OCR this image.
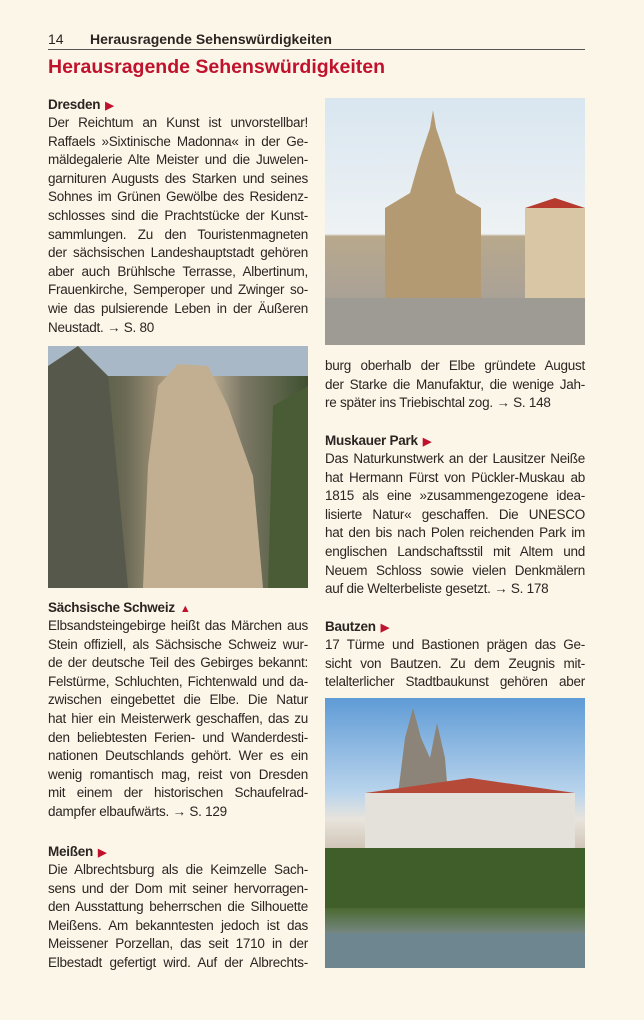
14 Herausragende Sehenswürdigkeiten
Herausragende Sehenswürdigkeiten
Dresden ▶
Der Reichtum an Kunst ist unvorstellbar!
Raffaels »Sixtinische Madonna« in der Ge-
mäldegalerie Alte Meister und die Juwelen-
garnituren Augusts des Starken und seines
Sohnes im Grünen Gewölbe des Residenz-
schlosses sind die Prachtstücke der Kunst-
sammlungen. Zu den Touristenmagneten
der sächsischen Landeshauptstadt gehören
aber auch Brühlsche Terrasse, Albertinum,
Frauenkirche, Semperoper und Zwinger so-
wie das pulsierende Leben in der Äußeren
Neustadt. → S. 80
Sächsische Schweiz ▲
Elbsandsteingebirge heißt das Märchen aus
Stein offiziell, als Sächsische Schweiz wur-
de der deutsche Teil des Gebirges bekannt:
Felstürme, Schluchten, Fichtenwald und da-
zwischen eingebettet die Elbe. Die Natur
hat hier ein Meisterwerk geschaffen, das zu
den beliebtesten Ferien- und Wanderdesti-
nationen Deutschlands gehört. Wer es ein
wenig romantisch mag, reist von Dresden
mit einem der historischen Schaufelrad-
dampfer elbaufwärts. → S. 129
Meißen ▶
Die Albrechtsburg als die Keimzelle Sach-
sens und der Dom mit seiner hervorragen-
den Ausstattung beherrschen die Silhouette
Meißens. Am bekanntesten jedoch ist das
Meissener Porzellan, das seit 1710 in der
Elbestadt gefertigt wird. Auf der Albrechts-
burg oberhalb der Elbe gründete August
der Starke die Manufaktur, die wenige Jah-
re später ins Triebischtal zog. → S. 148
Muskauer Park ▶
Das Naturkunstwerk an der Lausitzer Neiße
hat Hermann Fürst von Pückler-Muskau ab
1815 als eine »zusammengezogene idea-
lisierte Natur« geschaffen. Die UNESCO
hat den bis nach Polen reichenden Park im
englischen Landschaftsstil mit Altem und
Neuem Schloss sowie vielen Denkmälern
auf die Welterbeliste gesetzt. → S. 178
Bautzen ▶
17 Türme und Bastionen prägen das Ge-
sicht von Bautzen. Zu dem Zeugnis mit-
telalterlicher Stadtbaukunst gehören aber
